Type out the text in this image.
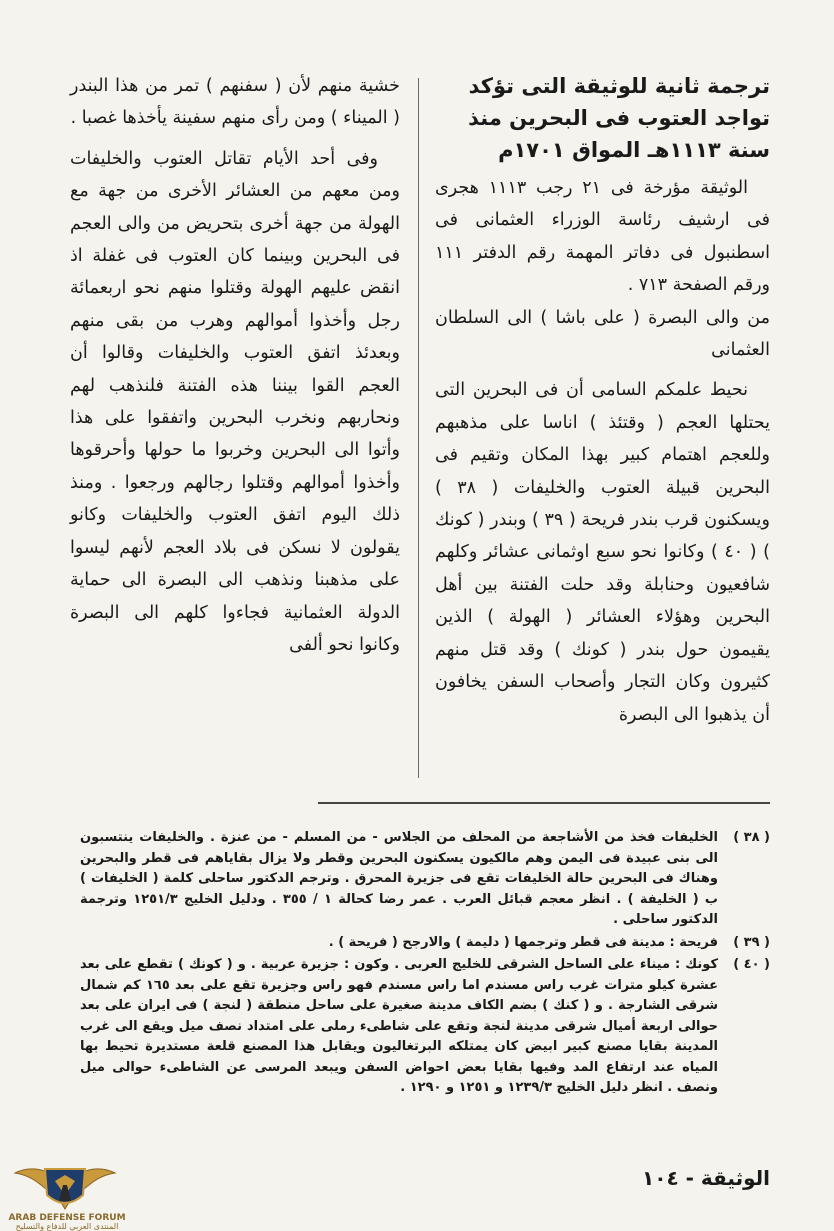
ترجمة ثانية للوثيقة التى تؤكد تواجد العتوب فى البحرين منذ سنة ١١١٣هـ المواق ١٧٠١م

الوثيقة مؤرخة فى ٢١ رجب ١١١٣ هجرى فى ارشيف رئاسة الوزراء العثمانى فى اسطنبول فى دفاتر المهمة رقم الدفتر ١١١ ورقم الصفحة ٧١٣ .

من والى البصرة ( على باشا ) الى السلطان العثمانى

نحيط علمكم السامى أن فى البحرين التى يحتلها العجم ( وقتئذ ) اناسا على مذهبهم وللعجم اهتمام كبير بهذا المكان وتقيم فى البحرين قبيلة العتوب والخليفات ( ٣٨ ) ويسكنون قرب بندر فريحة ( ٣٩ ) وبندر ( كونك ) ( ٤٠ ) وكانوا نحو سبع اوثمانى عشائر وكلهم شافعيون وحنابلة وقد حلت الفتنة بين أهل البحرين وهؤلاء العشائر ( الهولة ) الذين يقيمون حول بندر ( كونك ) وقد قتل منهم كثيرون وكان التجار وأصحاب السفن يخافون أن يذهبوا الى البصرة

خشية منهم لأن ( سفنهم ) تمر من هذا البندر ( الميناء ) ومن رأى منهم سفينة يأخذها غصبا .

وفى أحد الأيام تقاتل العتوب والخليفات ومن معهم من العشائر الأخرى من جهة مع الهولة من جهة أخرى بتحريض من والى العجم فى البحرين وبينما كان العتوب فى غفلة اذ انقض عليهم الهولة وقتلوا منهم نحو اربعمائة رجل وأخذوا أموالهم وهرب من بقى منهم وبعدئذ اتفق العتوب والخليفات وقالوا أن العجم القوا بيننا هذه الفتنة فلنذهب لهم ونحاربهم ونخرب البحرين واتفقوا على هذا وأتوا الى البحرين وخربوا ما حولها وأحرقوها وأخذوا أموالهم وقتلوا رجالهم ورجعوا . ومنذ ذلك اليوم اتفق العتوب والخليفات وكانو يقولون لا نسكن فى بلاد العجم لأنهم ليسوا على مذهبنا ونذهب الى البصرة الى حماية الدولة العثمانية فجاءوا كلهم الى البصرة وكانوا نحو ألفى

( ٣٨ )
الخليفات فخذ من الأشاجعة من المحلف من الجلاس - من المسلم - من عنزة . والخليفات ينتسبون الى بنى عبيدة فى اليمن وهم مالكيون يسكنون البحرين وقطر ولا يزال بقاياهم فى قطر والبحرين وهناك فى البحرين حالة الخليفات تقع فى جزيرة المحرق . وترجم الدكتور ساحلى كلمة ( الخليفات ) ب ( الخليفة ) . انظر معجم قبائل العرب . عمر رضا كحالة ١ / ٣٥٥ . ودليل الخليج ١٢٥١/٣ وترجمة الدكتور ساحلى .
( ٣٩ )
فريحة : مدينة فى قطر وترجمها ( دليمة ) والارجح ( فريحة ) .
( ٤٠ )
كونك : ميناء على الساحل الشرقى للخليج العربى . وكون : جزيرة عربية . و ( كونك ) تقطع على بعد عشرة كيلو مترات غرب راس مسندم اما راس مسندم فهو راس وجزيرة تقع على بعد ١٦٥ كم شمال شرقى الشارجة . و ( كنك ) بضم الكاف مدينة صغيرة على ساحل منطقة ( لنجة ) فى ايران على بعد حوالى اربعة أميال شرقى مدينة لنجة وتقع على شاطىء رملى على امتداد نصف ميل ويقع الى غرب المدينة بقايا مصنع كبير ابيض كان يمتلكه البرتغاليون ويقابل هذا المصنع قلعة مستديرة تحيط بها المياه عند ارتفاع المد وفيها بقايا بعض احواض السفن ويبعد المرسى عن الشاطىء حوالى ميل ونصف . انظر دليل الخليج ١٢٣٩/٣ و ١٢٥١ و ١٢٩٠ .
الوثيقة - ١٠٤
ARAB DEFENSE FORUM
المنتدى العربي للدفاع والتسليح
